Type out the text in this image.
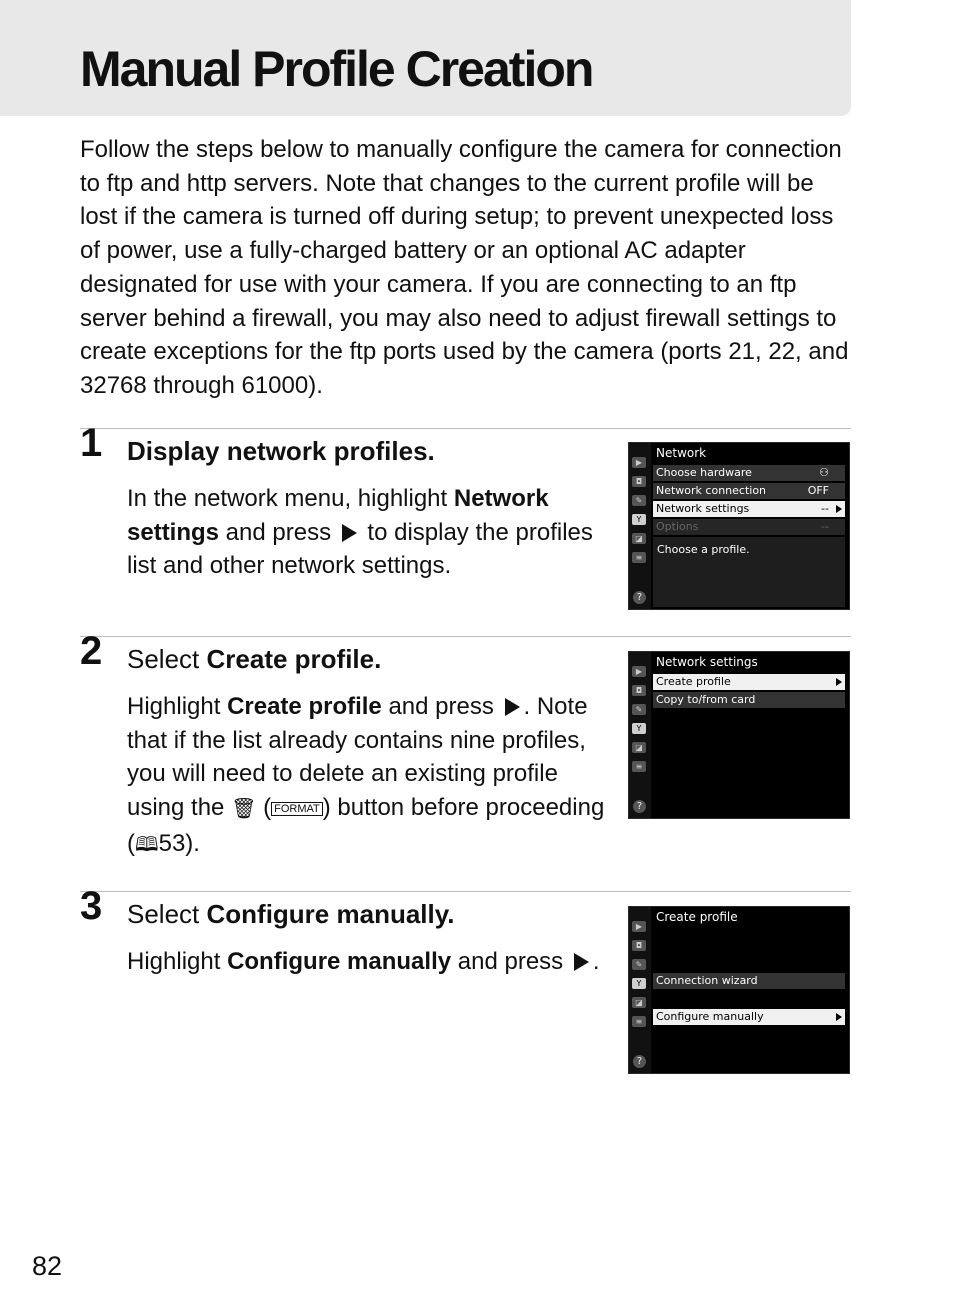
Manual Profile Creation

Follow the steps below to manually configure the camera for connection to ftp and http servers. Note that changes to the current profile will be lost if the camera is turned off during setup; to prevent unexpected loss of power, use a fully-charged battery or an optional AC adapter designated for use with your camera. If you are connecting to an ftp server behind a firewall, you may also need to adjust firewall settings to create exceptions for the ftp ports used by the camera (ports 21, 22, and 32768 through 61000).

1 Display network profiles.

In the network menu, highlight Network settings and press  to display the profiles list and other network settings.

▶
◘
✎
Y
◪
≡
?
Network
Choose hardware	⚇
Network connection	OFF
Network settings	--
Options	--
Choose a profile.
2 Select Create profile.

Highlight Create profile and press . Note that if the list already contains nine profiles, you will need to delete an existing profile using the 🗑 ( FORMAT ) button before proceeding (🕮53).

▶
◘
✎
Y
◪
≡
?
Network settings
Create profile
Copy to/from card
3 Select Configure manually.

Highlight Configure manually and press .

▶
◘
✎
Y
◪
≡
?
Create profile
Connection wizard
Configure manually
82
